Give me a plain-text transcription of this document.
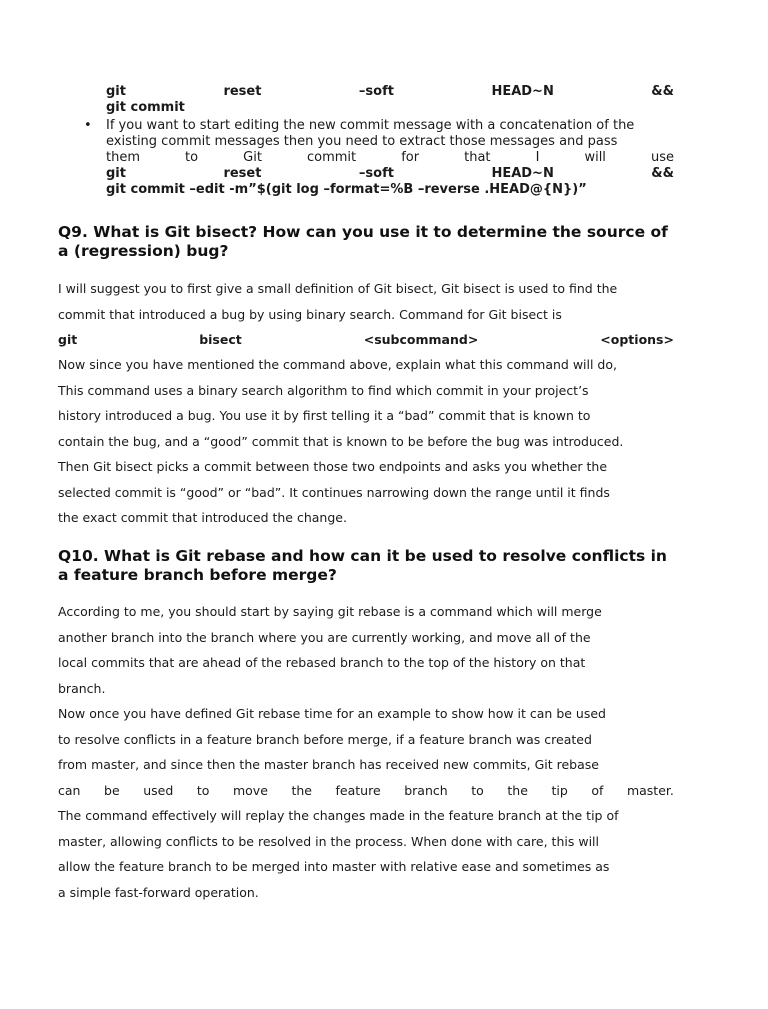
git	reset	–soft	HEAD~N	&&
git commit
• If you want to start editing the new commit message with a concatenation of the
existing commit messages then you need to extract those messages and pass
them	to	Git	commit	for	that	I	will	use
git	reset	–soft	HEAD~N	&&
git commit –edit -m”$(git log –format=%B –reverse .HEAD@{N})”
Q9. What is Git bisect? How can you use it to determine the source of
a (regression) bug?
I will suggest you to first give a small definition of Git bisect, Git bisect is used to find the
commit that introduced a bug by using binary search. Command for Git bisect is
git	bisect	<subcommand>	<options>
Now since you have mentioned the command above, explain what this command will do,
This command uses a binary search algorithm to find which commit in your project’s
history introduced a bug. You use it by first telling it a “bad” commit that is known to
contain the bug, and a “good” commit that is known to be before the bug was introduced.
Then Git bisect picks a commit between those two endpoints and asks you whether the
selected commit is “good” or “bad”. It continues narrowing down the range until it finds
the exact commit that introduced the change.
Q10. What is Git rebase and how can it be used to resolve conflicts in
a feature branch before merge?
According to me, you should start by saying git rebase is a command which will merge
another branch into the branch where you are currently working, and move all of the
local commits that are ahead of the rebased branch to the top of the history on that
branch.
Now once you have defined Git rebase time for an example to show how it can be used
to resolve conflicts in a feature branch before merge, if a feature branch was created
from master, and since then the master branch has received new commits, Git rebase
can be used to move the feature branch to the tip of master.
The command effectively will replay the changes made in the feature branch at the tip of
master, allowing conflicts to be resolved in the process. When done with care, this will
allow the feature branch to be merged into master with relative ease and sometimes as
a simple fast-forward operation.
